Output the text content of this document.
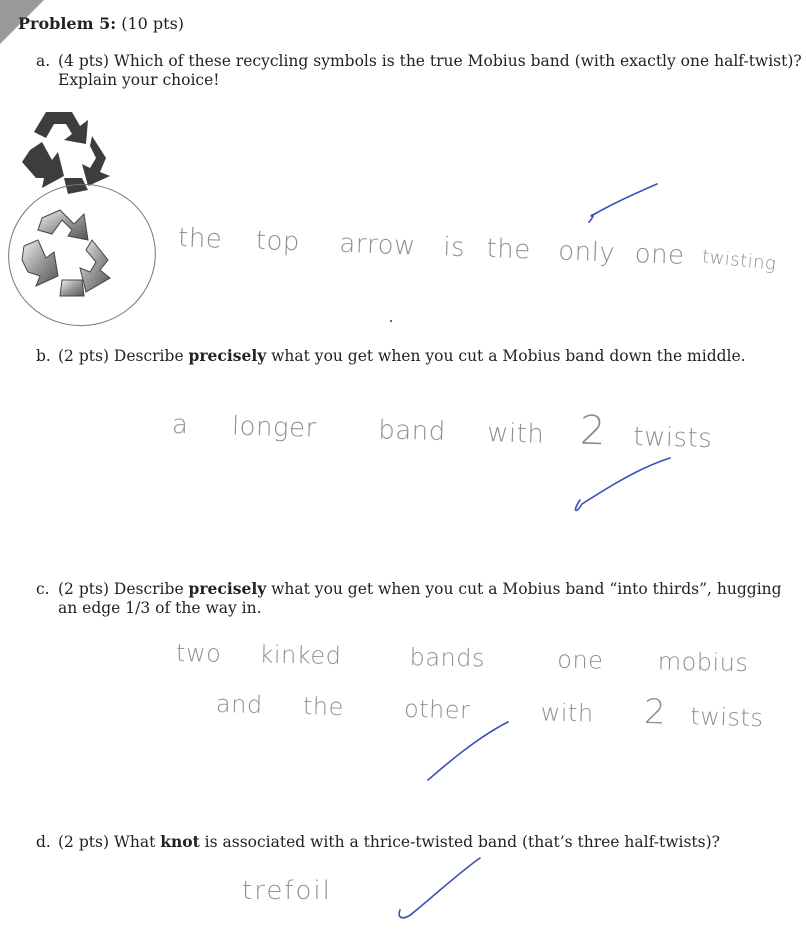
Problem 5: (10 pts)
a. (4 pts) Which of these recycling symbols is the true Mobius band (with exactly one half-twist)?
Explain your choice!
the top arrow is the only one twisting
b. (2 pts) Describe precisely what you get when you cut a Mobius band down the middle.
a longer band with 2 twists
c. (2 pts) Describe precisely what you get when you cut a Mobius band “into thirds”, hugging
an edge 1/3 of the way in.
two kinked	bands	one mobius
and the other	with 2 twists
d. (2 pts) What knot is associated with a thrice-twisted band (that’s three half-twists)?
trefoil
